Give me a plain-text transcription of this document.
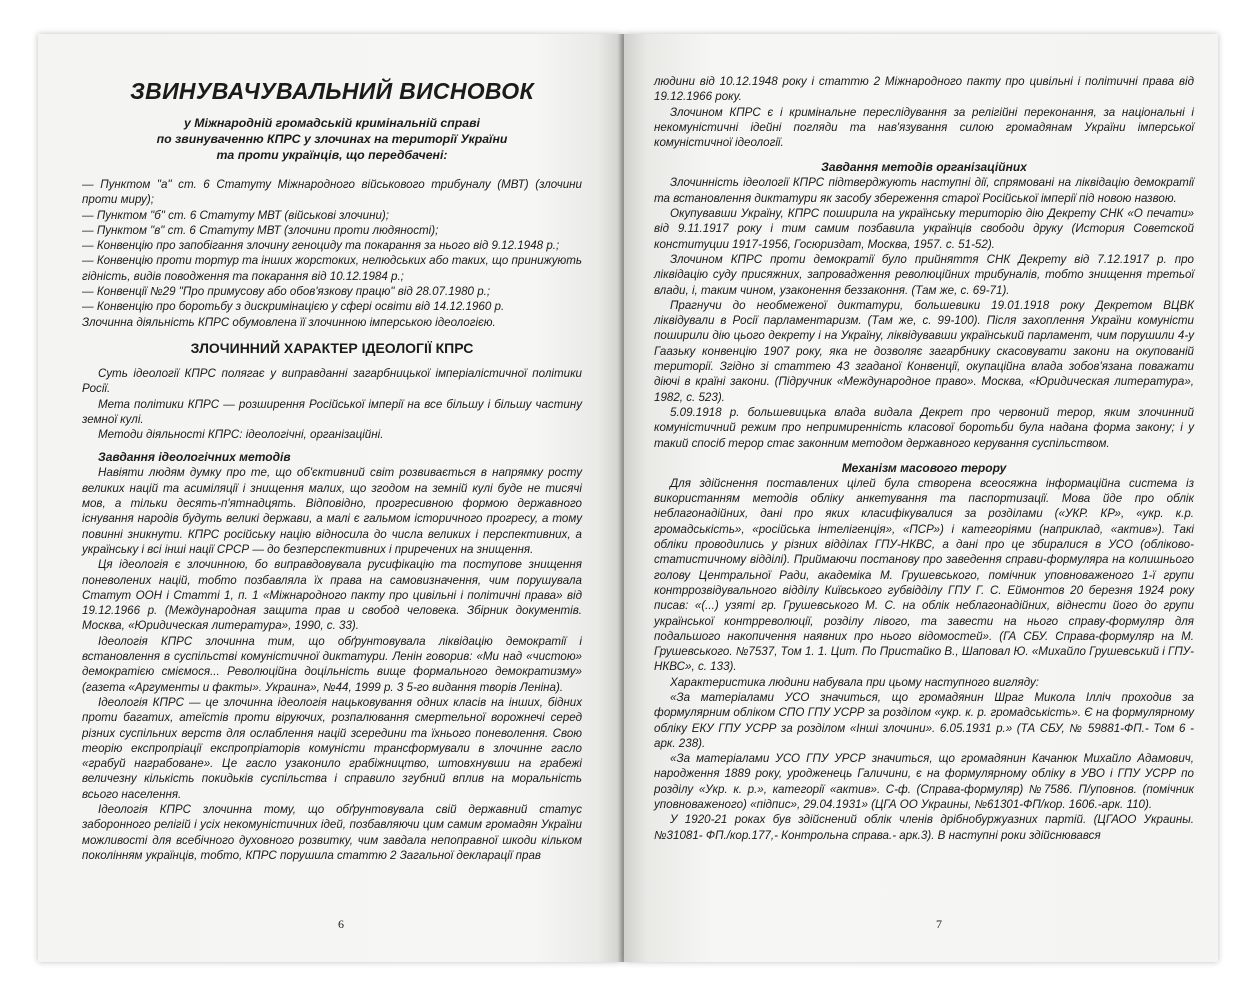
ЗВИНУВАЧУВАЛЬНИЙ ВИСНОВОК
у Міжнародній громадській кримінальній справі
по звинуваченню КПРС у злочинах на території України
та проти українців, що передбачені:

— Пунктом "а" ст. 6 Статуту Міжнародного військового трибуналу (МВТ) (злочини проти миру);

— Пунктом "б" ст. 6 Статуту МВТ (військові злочини);

— Пунктом "в" ст. 6 Статуту МВТ (злочини проти людяності);

— Конвенцію про запобігання злочину геноциду та покарання за нього від 9.12.1948 р.;

— Конвенцію проти тортур та інших жорстоких, нелюдських або таких, що принижують гідність, видів поводження та покарання від 10.12.1984 р.;

— Конвенції №29 "Про примусову або обов'язкову працю" від 28.07.1980 р.;

— Конвенцію про боротьбу з дискримінацією у сфері освіти від 14.12.1960 р.

Злочинна діяльність КПРС обумовлена її злочинною імперською ідеологією.

ЗЛОЧИННИЙ ХАРАКТЕР ІДЕОЛОГІЇ КПРС

Суть ідеології КПРС полягає у виправданні загарбницької імперіалістичної політики Росії.

Мета політики КПРС — розширення Російської імперії на все більшу і більшу частину земної кулі.

Методи діяльності КПРС: ідеологічні, організаційні.

Завдання ідеологічних методів

Навіяти людям думку про те, що об'єктивний світ розвивається в напрямку росту великих націй та асиміляції і знищення малих, що згодом на земній кулі буде не тисячі мов, а тільки десять-п'ятнадцять. Відповідно, прогресивною формою державного існування народів будуть великі держави, а малі є гальмом історичного прогресу, а тому повинні зникнути. КПРС російську націю відносила до числа великих і перспективних, а українську і всі інші нації СРСР — до безперспективних і приречених на знищення.

Ця ідеологія є злочинною, бо виправдовувала русифікацію та поступове знищення поневолених націй, тобто позбавляла їх права на самовизначення, чим порушувала Статут ООН і Статті 1, п. 1 «Міжнародного пакту про цивільні і політичні права» від 19.12.1966 р. (Международная защита прав и свобод человека. Збірник документів. Москва, «Юридическая литература», 1990, с. 33).

Ідеологія КПРС злочинна тим, що обґрунтовувала ліквідацію демократії і встановлення в суспільстві комуністичної диктатури. Ленін говорив: «Ми над «чистою» демократією сміємося... Революційна доцільність вище формального демократизму» (газета «Аргументы и факты». Украина», №44, 1999 р. 3 5-го видання творів Леніна).

Ідеологія КПРС — це злочинна ідеологія нацьковування одних класів на інших, бідних проти багатих, атеїстів проти віруючих, розпалювання смертельної ворожнечі серед різних суспільних верств для ослаблення націй зсередини та їхнього поневолення. Свою теорію експропріації експропріаторів комуністи трансформували в злочинне гасло «грабуй награбоване». Це гасло узаконило грабіжництво, штовхнувши на грабежі величезну кількість покидьків суспільства і справило згубний вплив на моральність всього населення.

Ідеологія КПРС злочинна тому, що обґрунтовувала свій державний статус заборонного релігій і усіх некомуністичних ідей, позбавляючи цим самим громадян України можливості для всебічного духовного розвитку, чим завдала непоправної шкоди кільком поколінням українців, тобто, КПРС порушила статтю 2 Загальної декларації прав

6

людини від 10.12.1948 року і статтю 2 Міжнародного пакту про цивільні і політичні права від 19.12.1966 року.

Злочином КПРС є і кримінальне переслідування за релігійні переконання, за національні і некомуністичні ідейні погляди та нав'язування силою громадянам України імперської комуністичної ідеології.

Завдання методів організаційних

Злочинність ідеології КПРС підтверджують наступні дії, спрямовані на ліквідацію демократії та встановлення диктатури як засобу збереження старої Російської імперії під новою назвою.

Окупувавши Україну, КПРС поширила на українську територію дію Декрету СНК «О печати» від 9.11.1917 року і тим самим позбавила українців свободи друку (История Советской конституции 1917-1956, Госюриздат, Москва, 1957. с. 51-52).

Злочином КПРС проти демократії було прийняття СНК Декрету від 7.12.1917 р. про ліквідацію суду присяжних, запровадження революційних трибуналів, тобто знищення третьої влади, і, таким чином, узаконення беззаконня. (Там же, с. 69-71).

Прагнучи до необмеженої диктатури, большевики 19.01.1918 року Декретом ВЦВК ліквідували в Росії парламентаризм. (Там же, с. 99-100). Після захоплення України комуністи поширили дію цього декрету і на Україну, ліквідувавши український парламент, чим порушили 4-у Гаазьку конвенцію 1907 року, яка не дозволяє загарбнику скасовувати закони на окупованій території. Згідно зі статтею 43 згаданої Конвенції, окупаційна влада зобов'язана поважати діючі в країні закони. (Підручник «Международное право». Москва, «Юридическая литература», 1982, с. 523).

5.09.1918 р. большевицька влада видала Декрет про червоний терор, яким злочинний комуністичний режим про непримиренність класової боротьби була надана форма закону; і у такий спосіб терор стає законним методом державного керування суспільством.

Механізм масового терору

Для здійснення поставлених цілей була створена всеосяжна інформаційна система із використанням методів обліку анкетування та паспортизації. Мова йде про облік неблагонадійних, дані про яких класифікувалися за розділами («УКР. КР», «укр. к.р. громадськість», «російська інтелігенція», «ПСР») і категоріями (наприклад, «актив»). Такі обліки проводились у різних відділах ГПУ-НКВС, а дані про це збиралися в УСО (обліково-статистичному відділі). Приймаючи постанову про заведення справи-формуляра на колишнього голову Центральної Ради, академіка М. Грушевського, помічник уповноваженого 1-ї групи контррозвідувального відділу Київського губвідділу ГПУ Г. С. Еймонтов 20 березня 1924 року писав: «(...) узяті гр. Грушевського М. С. на облік неблагонадійних, віднести його до групи української контрреволюції, розділу лівого, та завести на нього справу-формуляр для подальшого накопичення наявних про нього відомостей». (ГА СБУ. Справа-формуляр на М. Грушевського. №7537, Том 1. 1. Цит. По Пристайко В., Шаповал Ю. «Михайло Грушевський і ГПУ- НКВС», с. 133).

Характеристика людини набувала при цьому наступного вигляду:

«За матеріалами УСО значиться, що громадянин Шраг Микола Ілліч проходив за формулярним обліком СПО ГПУ УСРР за розділом «укр. к. р. громадськість». Є на формулярному обліку ЕКУ ГПУ УСРР за розділом «Інші злочини». 6.05.1931 р.» (ТА СБУ, № 59881-ФП.- Том 6 - арк. 238).

«За матеріалами УСО ГПУ УРСР значиться, що громадянин Качанюк Михайло Адамович, народження 1889 року, уродженець Галичини, є на формулярному обліку в УВО і ГПУ УСРР по розділу «Укр. к. р.», категорії «актив». С-ф. (Справа-формуляр) №7586. П/уповнов. (помічник уповноваженого) «підпис», 29.04.1931» (ЦГА ОО Украины, №61301-ФП/кор. 1606.-арк. 110).

У 1920-21 роках був здійснений облік членів дрібнобуржуазних партій. (ЦГАОО Украины. №31081- ФП./кор.177,- Контрольна справа.- арк.3). В наступні роки здійснювався

7
